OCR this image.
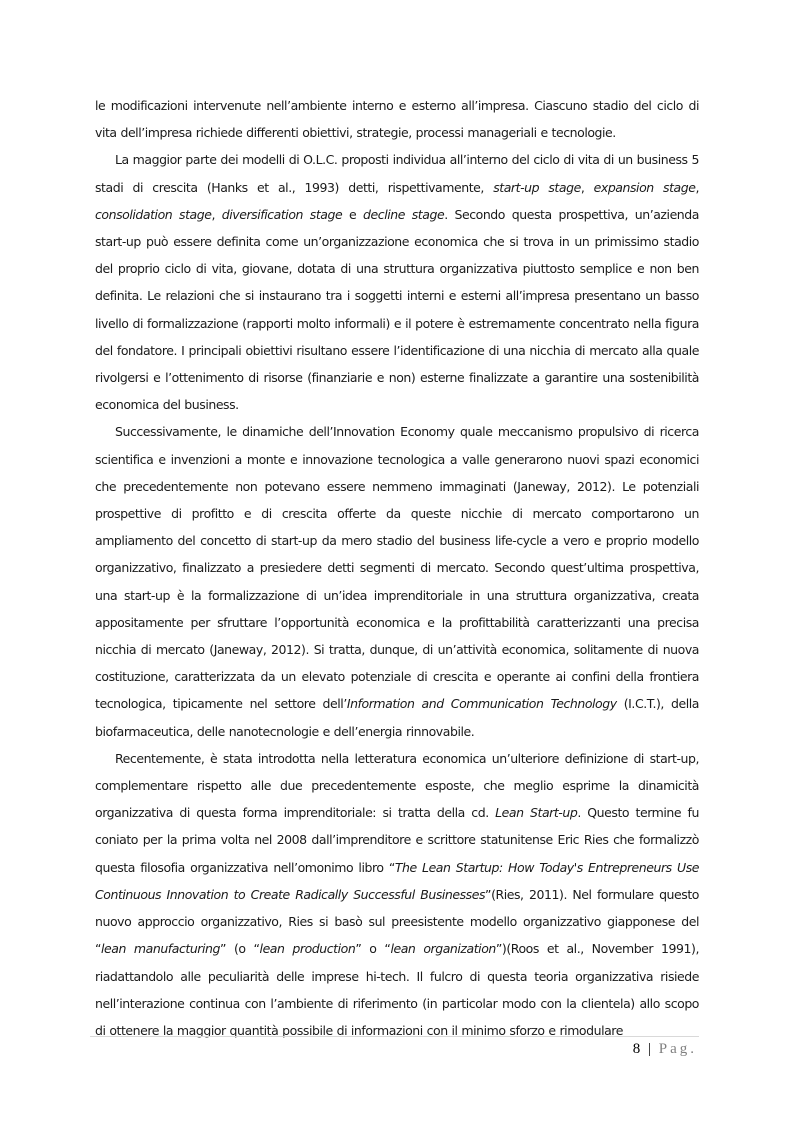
le modificazioni intervenute nell’ambiente interno e esterno all’impresa. Ciascuno stadio del ciclo di vita dell’impresa richiede differenti obiettivi, strategie, processi manageriali e tecnologie.

La maggior parte dei modelli di O.L.C. proposti individua all’interno del ciclo di vita di un business 5 stadi di crescita (Hanks et al., 1993) detti, rispettivamente, start-up stage, expansion stage, consolidation stage, diversification stage e decline stage. Secondo questa prospettiva, un’azienda start-up può essere definita come un’organizzazione economica che si trova in un primissimo stadio del proprio ciclo di vita, giovane, dotata di una struttura organizzativa piuttosto semplice e non ben definita. Le relazioni che si instaurano tra i soggetti interni e esterni all’impresa presentano un basso livello di formalizzazione (rapporti molto informali) e il potere è estremamente concentrato nella figura del fondatore. I principali obiettivi risultano essere l’identificazione di una nicchia di mercato alla quale rivolgersi e l’ottenimento di risorse (finanziarie e non) esterne finalizzate a garantire una sostenibilità economica del business.

Successivamente, le dinamiche dell’Innovation Economy quale meccanismo propulsivo di ricerca scientifica e invenzioni a monte e innovazione tecnologica a valle generarono nuovi spazi economici che precedentemente non potevano essere nemmeno immaginati (Janeway, 2012). Le potenziali prospettive di profitto e di crescita offerte da queste nicchie di mercato comportarono un ampliamento del concetto di start-up da mero stadio del business life-cycle a vero e proprio modello organizzativo, finalizzato a presiedere detti segmenti di mercato. Secondo quest’ultima prospettiva, una start-up è la formalizzazione di un’idea imprenditoriale in una struttura organizzativa, creata appositamente per sfruttare l’opportunità economica e la profittabilità caratterizzanti una precisa nicchia di mercato (Janeway, 2012). Si tratta, dunque, di un’attività economica, solitamente di nuova costituzione, caratterizzata da un elevato potenziale di crescita e operante ai confini della frontiera tecnologica, tipicamente nel settore dell’Information and Communication Technology (I.C.T.), della biofarmaceutica, delle nanotecnologie e dell’energia rinnovabile.

Recentemente, è stata introdotta nella letteratura economica un’ulteriore definizione di start-up, complementare rispetto alle due precedentemente esposte, che meglio esprime la dinamicità organizzativa di questa forma imprenditoriale: si tratta della cd. Lean Start-up. Questo termine fu coniato per la prima volta nel 2008 dall’imprenditore e scrittore statunitense Eric Ries che formalizzò questa filosofia organizzativa nell’omonimo libro “The Lean Startup: How Today's Entrepreneurs Use Continuous Innovation to Create Radically Successful Businesses”(Ries, 2011). Nel formulare questo nuovo approccio organizzativo, Ries si basò sul preesistente modello organizzativo giapponese del “lean manufacturing” (o “lean production” o “lean organization”)(Roos et al., November 1991), riadattandolo alle peculiarità delle imprese hi-tech. Il fulcro di questa teoria organizzativa risiede nell’interazione continua con l’ambiente di riferimento (in particolar modo con la clientela) allo scopo di ottenere la maggior quantità possibile di informazioni con il minimo sforzo e rimodulare

8 | Pag.
